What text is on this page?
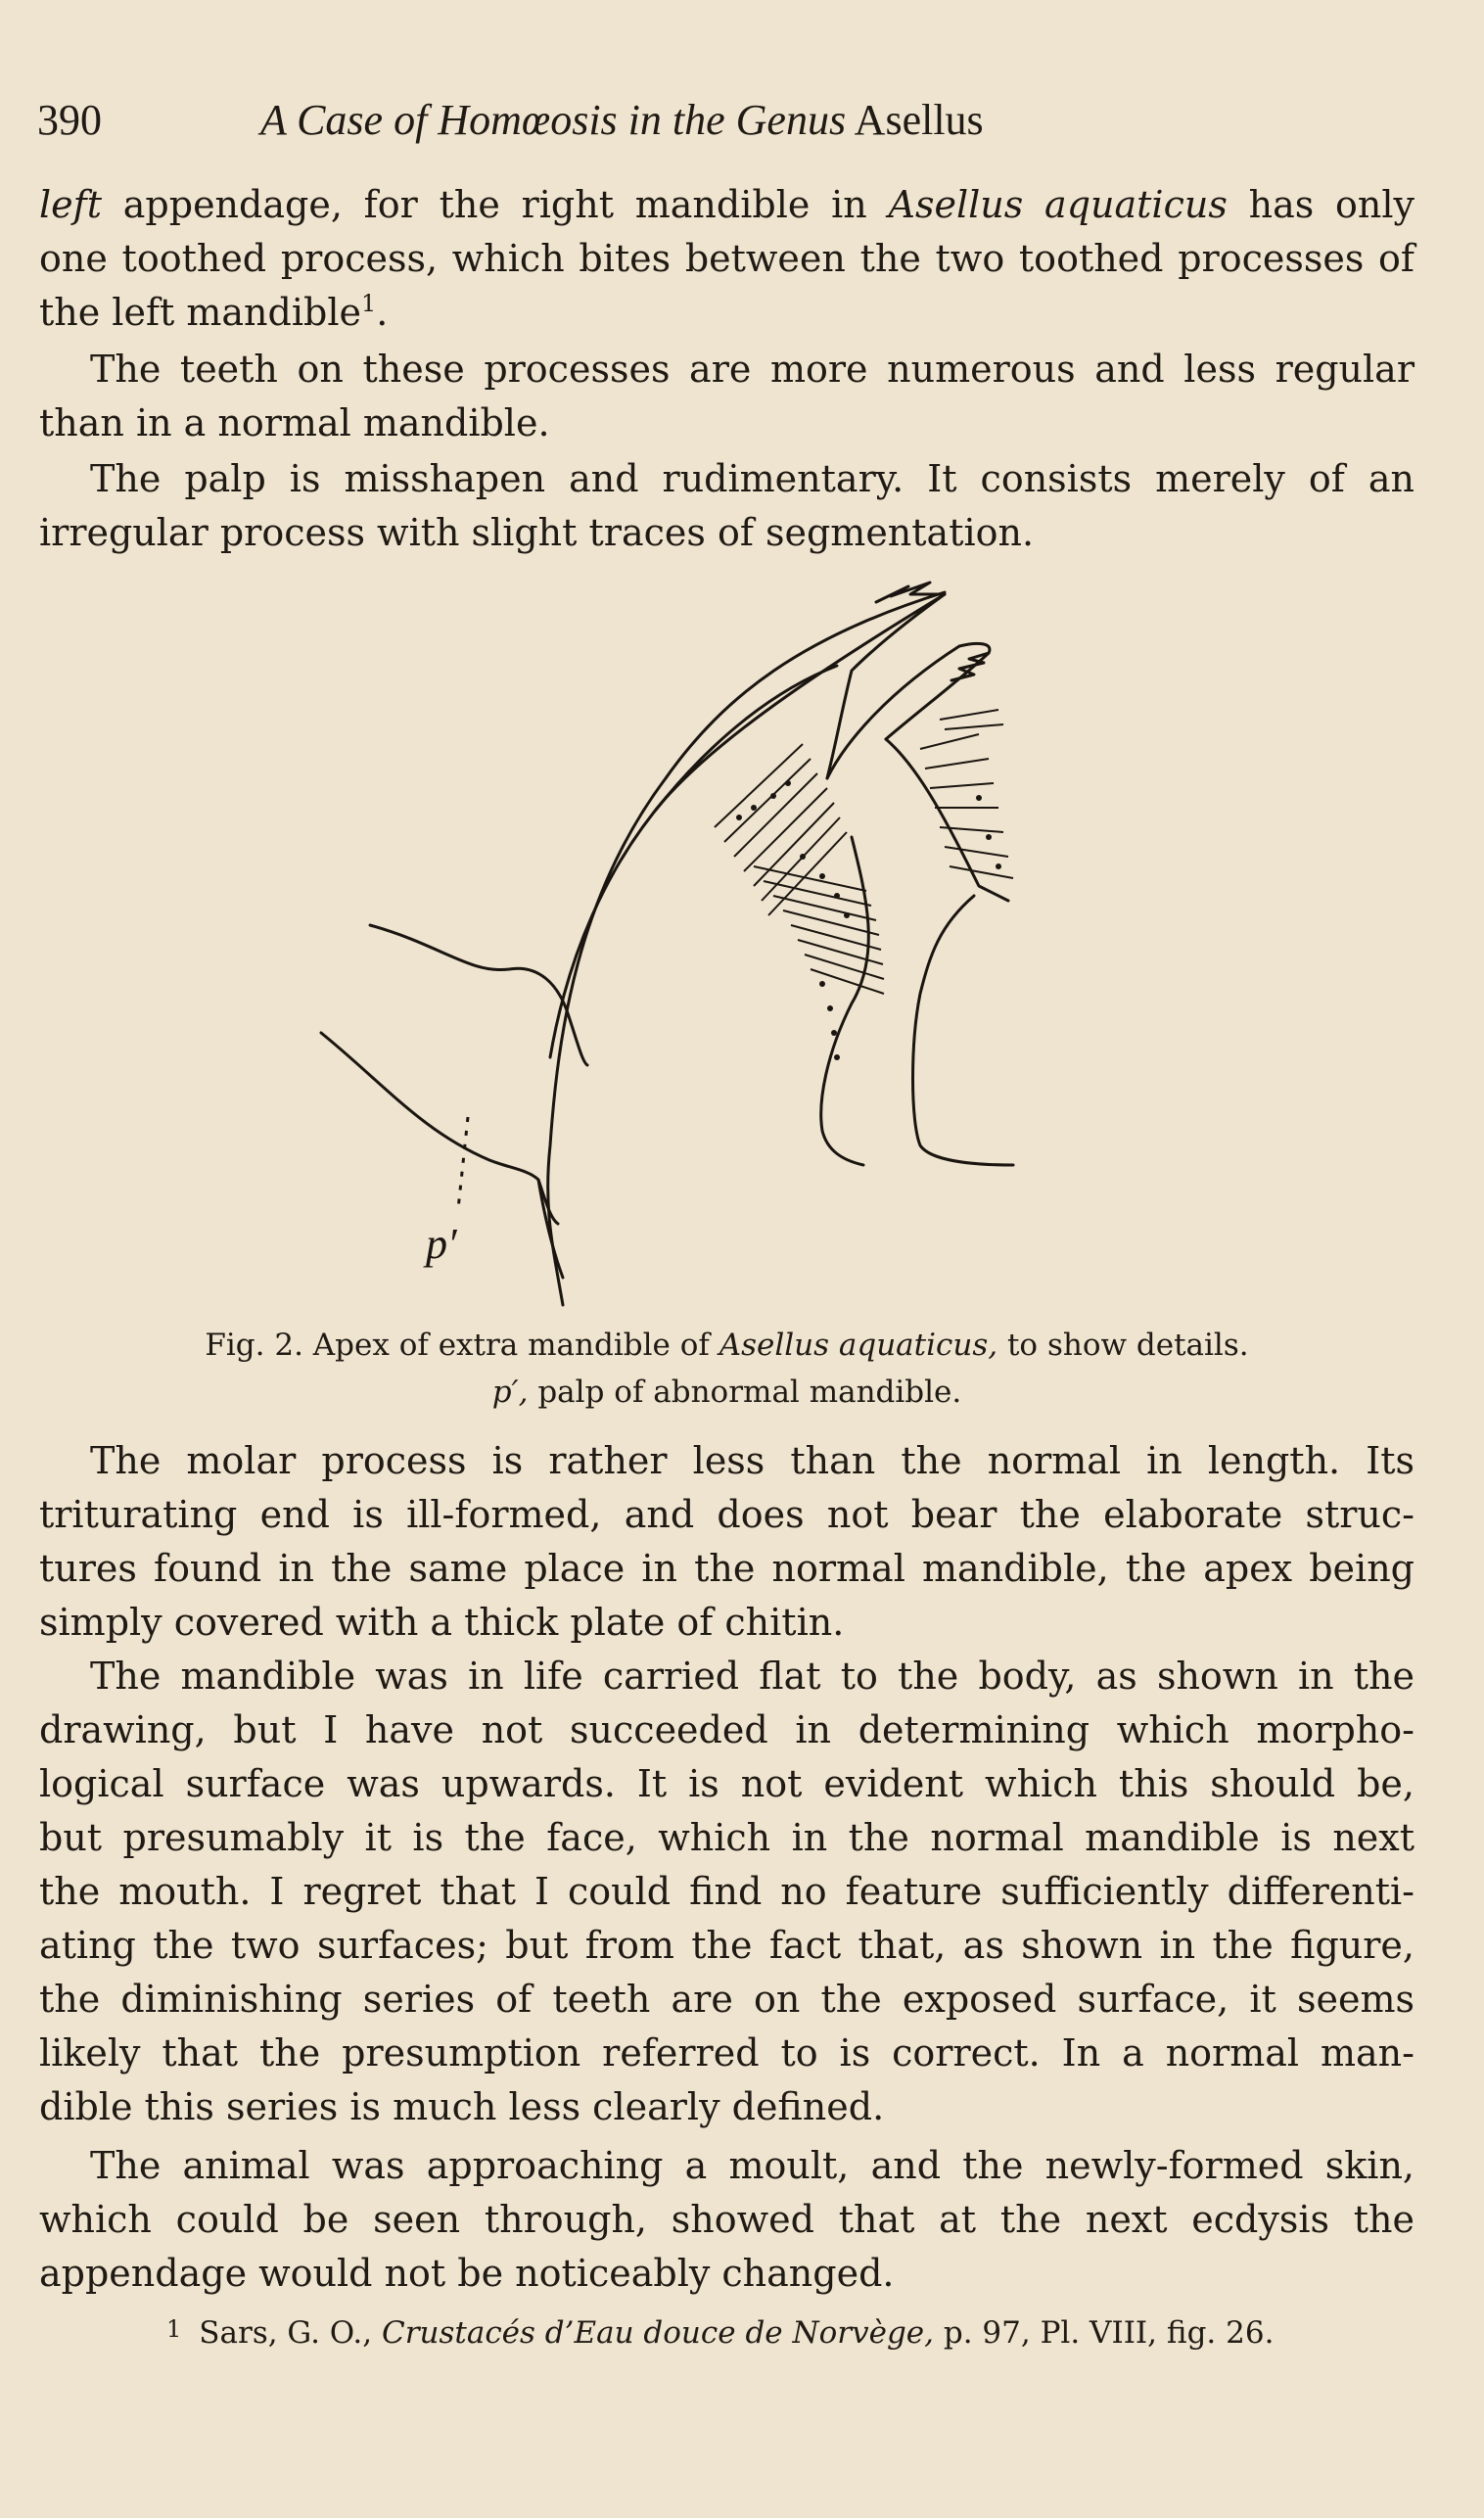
390	A Case of Homœosis in the Genus Asellus
left appendage, for the right mandible in Asellus aquaticus has only
one toothed process, which bites between the two toothed processes of
the left mandible$^1$.
The teeth on these processes are more numerous and less regular
than in a normal mandible.
The palp is misshapen and rudimentary. It consists merely of an
irregular process with slight traces of segmentation.
p′
Fig. 2. Apex of extra mandible of Asellus aquaticus, to show details.
p′, palp of abnormal mandible.
The molar process is rather less than the normal in length. Its
triturating end is ill-formed, and does not bear the elaborate struc-
tures found in the same place in the normal mandible, the apex being
simply covered with a thick plate of chitin.
The mandible was in life carried flat to the body, as shown in the
drawing, but I have not succeeded in determining which morpho-
logical surface was upwards. It is not evident which this should be,
but presumably it is the face, which in the normal mandible is next
the mouth. I regret that I could find no feature sufficiently differenti-
ating the two surfaces; but from the fact that, as shown in the figure,
the diminishing series of teeth are on the exposed surface, it seems
likely that the presumption referred to is correct. In a normal man-
dible this series is much less clearly defined.
The animal was approaching a moult, and the newly-formed skin,
which could be seen through, showed that at the next ecdysis the
appendage would not be noticeably changed.
1 Sars, G. O., Crustacés d’Eau douce de Norvège, p. 97, Pl. VIII, fig. 26.
